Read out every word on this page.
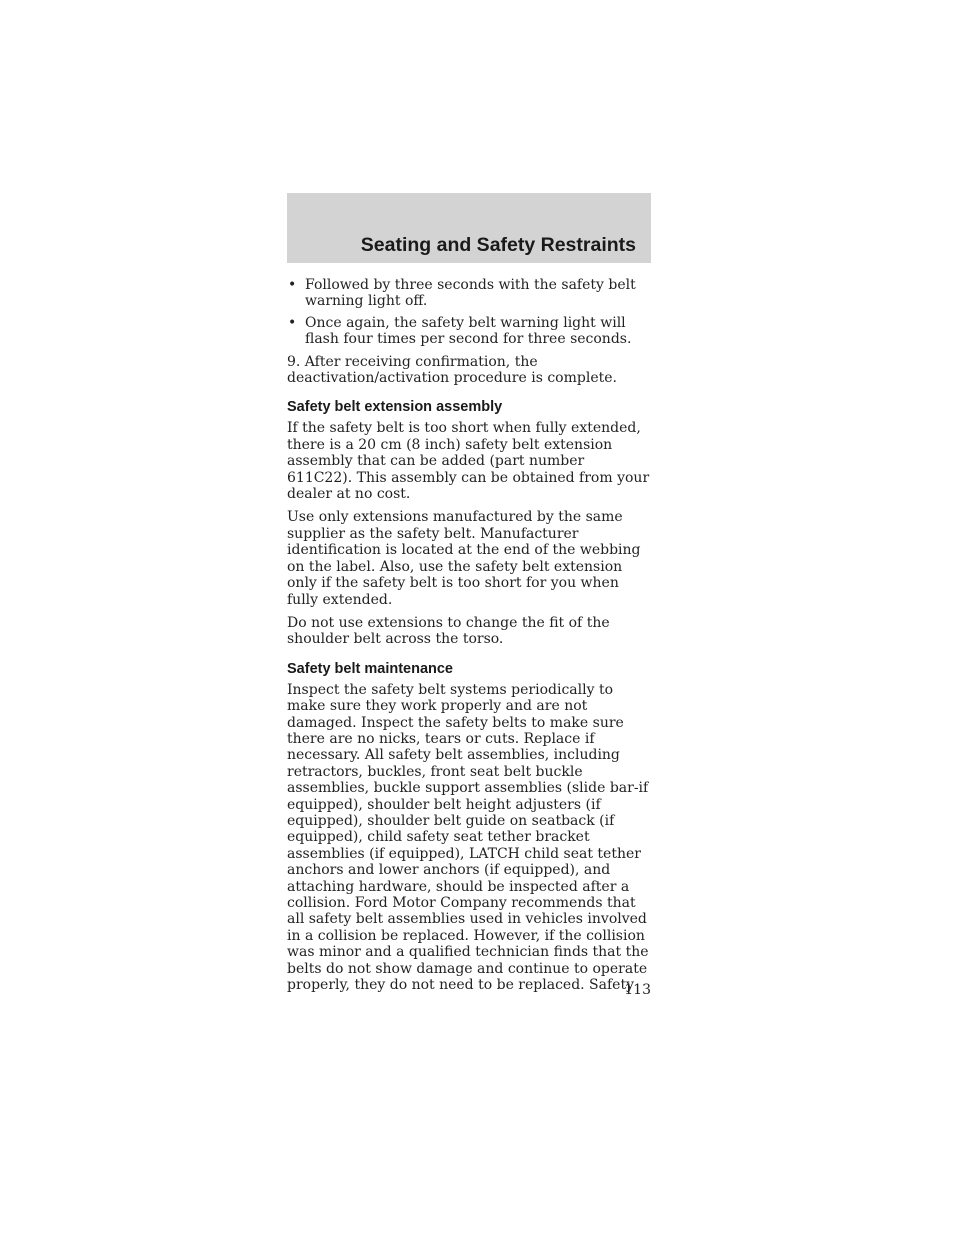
Seating and Safety Restraints
• Followed by three seconds with the safety belt warning light off.
• Once again, the safety belt warning light will flash four times per second for three seconds.

9. After receiving confirmation, the deactivation/activation procedure is complete.

Safety belt extension assembly

If the safety belt is too short when fully extended, there is a 20 cm (8 inch) safety belt extension assembly that can be added (part number 611C22). This assembly can be obtained from your dealer at no cost.

Use only extensions manufactured by the same supplier as the safety belt. Manufacturer identification is located at the end of the webbing on the label. Also, use the safety belt extension only if the safety belt is too short for you when fully extended.

Do not use extensions to change the fit of the shoulder belt across the torso.

Safety belt maintenance

Inspect the safety belt systems periodically to make sure they work properly and are not damaged. Inspect the safety belts to make sure there are no nicks, tears or cuts. Replace if necessary. All safety belt assemblies, including retractors, buckles, front seat belt buckle assemblies, buckle support assemblies (slide bar-if equipped), shoulder belt height adjusters (if equipped), shoulder belt guide on seatback (if equipped), child safety seat tether bracket assemblies (if equipped), LATCH child seat tether anchors and lower anchors (if equipped), and attaching hardware, should be inspected after a collision. Ford Motor Company recommends that all safety belt assemblies used in vehicles involved in a collision be replaced. However, if the collision was minor and a qualified technician finds that the belts do not show damage and continue to operate properly, they do not need to be replaced. Safety

113
